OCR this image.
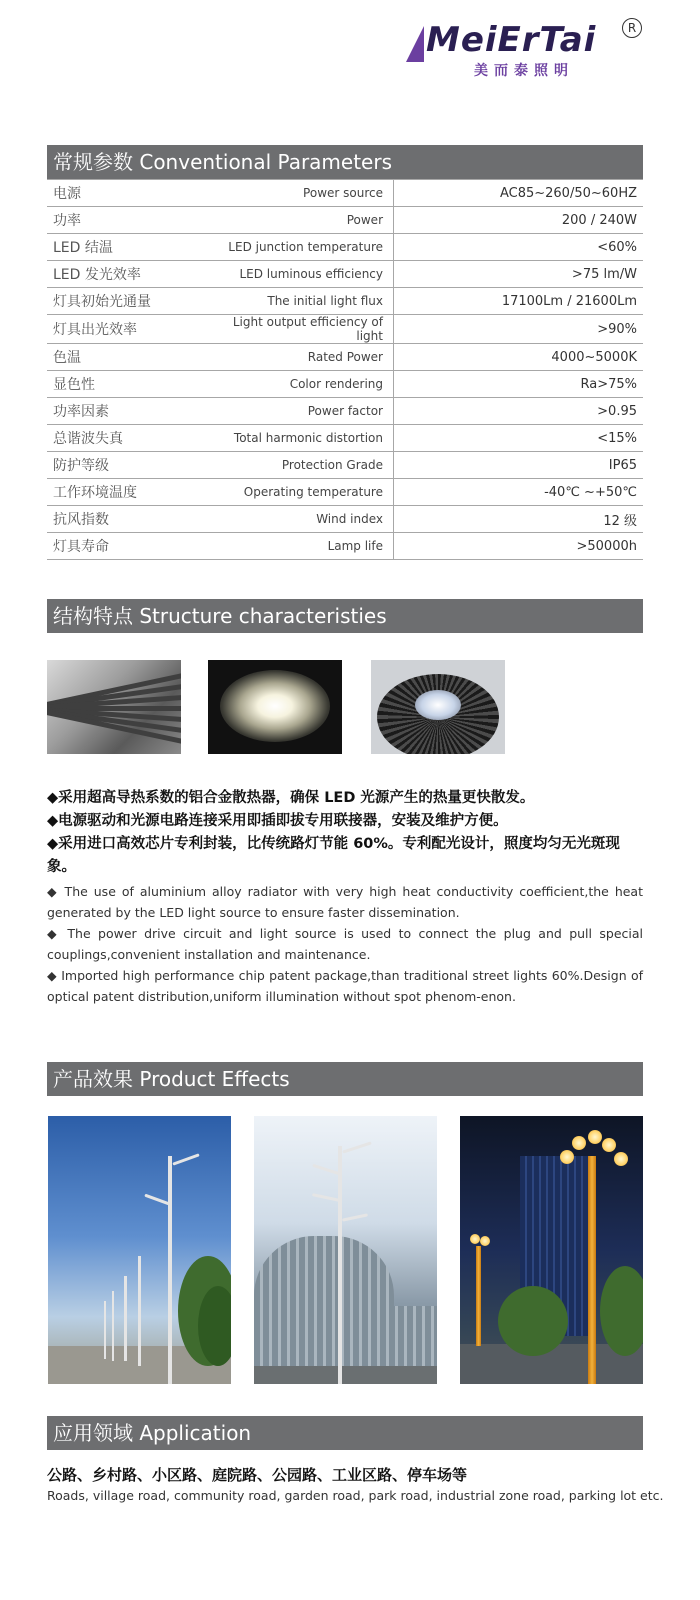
MeiErTai
美而泰照明
R
常规参数 Conventional Parameters
电源	Power source	AC85~260/50~60HZ
功率	Power	200 / 240W
LED 结温	LED junction temperature	<60%
LED 发光效率	LED luminous efficiency	>75 lm/W
灯具初始光通量	The initial light flux	17100Lm / 21600Lm
灯具出光效率	Light output efficiency of light	>90%
色温	Rated Power	4000~5000K
显色性	Color rendering	Ra>75%
功率因素	Power factor	>0.95
总谐波失真	Total harmonic distortion	<15%
防护等级	Protection Grade	IP65
工作环境温度	Operating temperature	-40℃ ~+50℃
抗风指数	Wind index	12 级
灯具寿命	Lamp life	>50000h
结构特点 Structure characteristies
◆采用超高导热系数的铝合金散热器，确保 LED 光源产生的热量更快散发。
◆电源驱动和光源电路连接采用即插即拔专用联接器，安装及维护方便。
◆采用进口高效芯片专利封装，比传统路灯节能 60%。专利配光设计，照度均匀无光斑现象。
◆ The use of aluminium alloy radiator with very high heat conductivity coefficient,the heat generated by the LED light source to ensure faster dissemination.
◆ The power drive circuit and light source is used to connect the plug and pull special couplings,convenient installation and maintenance.
◆ Imported high performance chip patent package,than traditional street lights 60%.Design of optical patent distribution,uniform illumination without spot phenom-enon.
产品效果 Product Effects
应用领域 Application
公路、乡村路、小区路、庭院路、公园路、工业区路、停车场等
Roads, village road, community road, garden road, park road, industrial zone road, parking lot etc.
